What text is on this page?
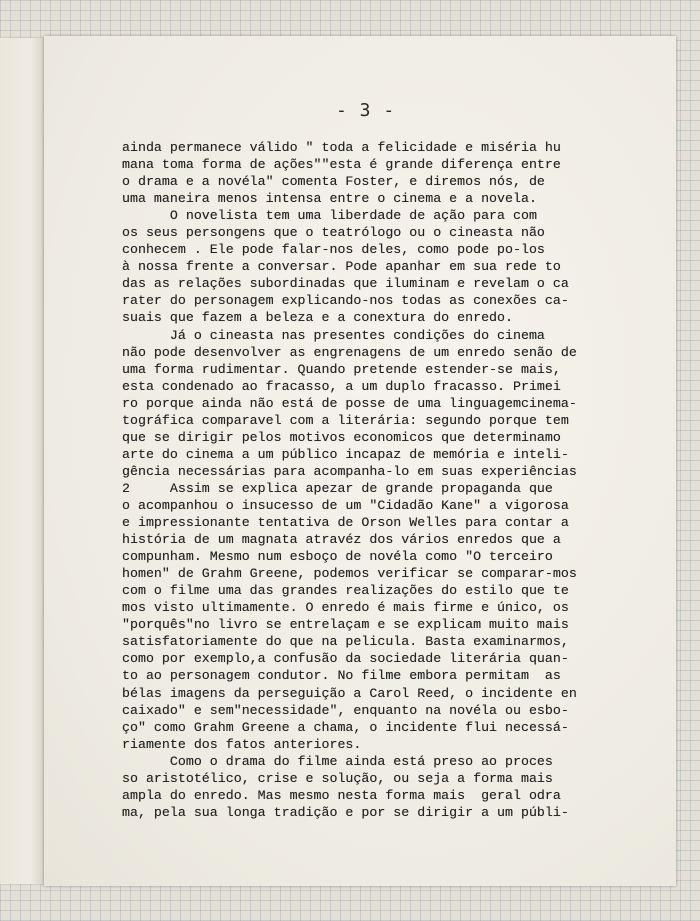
- 3 -
ainda permanece válido " toda a felicidade e miséria hu
mana toma forma de ações""esta é grande diferença entre
o drama e a novéla" comenta Foster, e diremos nós, de
uma maneira menos intensa entre o cinema e a novela.
O novelista tem uma liberdade de ação para com
os seus persongens que o teatrólogo ou o cineasta não
conhecem . Ele pode falar-nos deles, como pode po-los
à nossa frente a conversar. Pode apanhar em sua rede to
das as relações subordinadas que iluminam e revelam o ca
rater do personagem explicando-nos todas as conexões ca-
suais que fazem a beleza e a conextura do enredo.
Já o cineasta nas presentes condições do cinema
não pode desenvolver as engrenagens de um enredo senão de
uma forma rudimentar. Quando pretende estender-se mais,
esta condenado ao fracasso, a um duplo fracasso. Primei
ro porque ainda não está de posse de uma linguagemcinema-
tográfica comparavel com a literária: segundo porque tem
que se dirigir pelos motivos economicos que determinamo
arte do cinema a um público incapaz de memória e inteli-
gência necessárias para acompanha-lo em suas experiências
2     Assim se explica apezar de grande propaganda que
o acompanhou o insucesso de um "Cidadão Kane" a vigorosa
e impressionante tentativa de Orson Welles para contar a
história de um magnata atravéz dos vários enredos que a
compunham. Mesmo num esboço de novéla como "O terceiro
homen" de Grahm Greene, podemos verificar se comparar-mos
com o filme uma das grandes realizações do estilo que te
mos visto ultimamente. O enredo é mais firme e único, os
"porquês"no livro se entrelaçam e se explicam muito mais
satisfatoriamente do que na pelicula. Basta examinarmos,
como por exemplo,a confusão da sociedade literária quan-
to ao personagem condutor. No filme embora permitam  as
bélas imagens da perseguição a Carol Reed, o incidente en
caixado" e sem"necessidade", enquanto na novéla ou esbo-
ço" como Grahm Greene a chama, o incidente flui necessá-
riamente dos fatos anteriores.
Como o drama do filme ainda está preso ao proces
so aristotélico, crise e solução, ou seja a forma mais
ampla do enredo. Mas mesmo nesta forma mais  geral odra
ma, pela sua longa tradição e por se dirigir a um públi-
